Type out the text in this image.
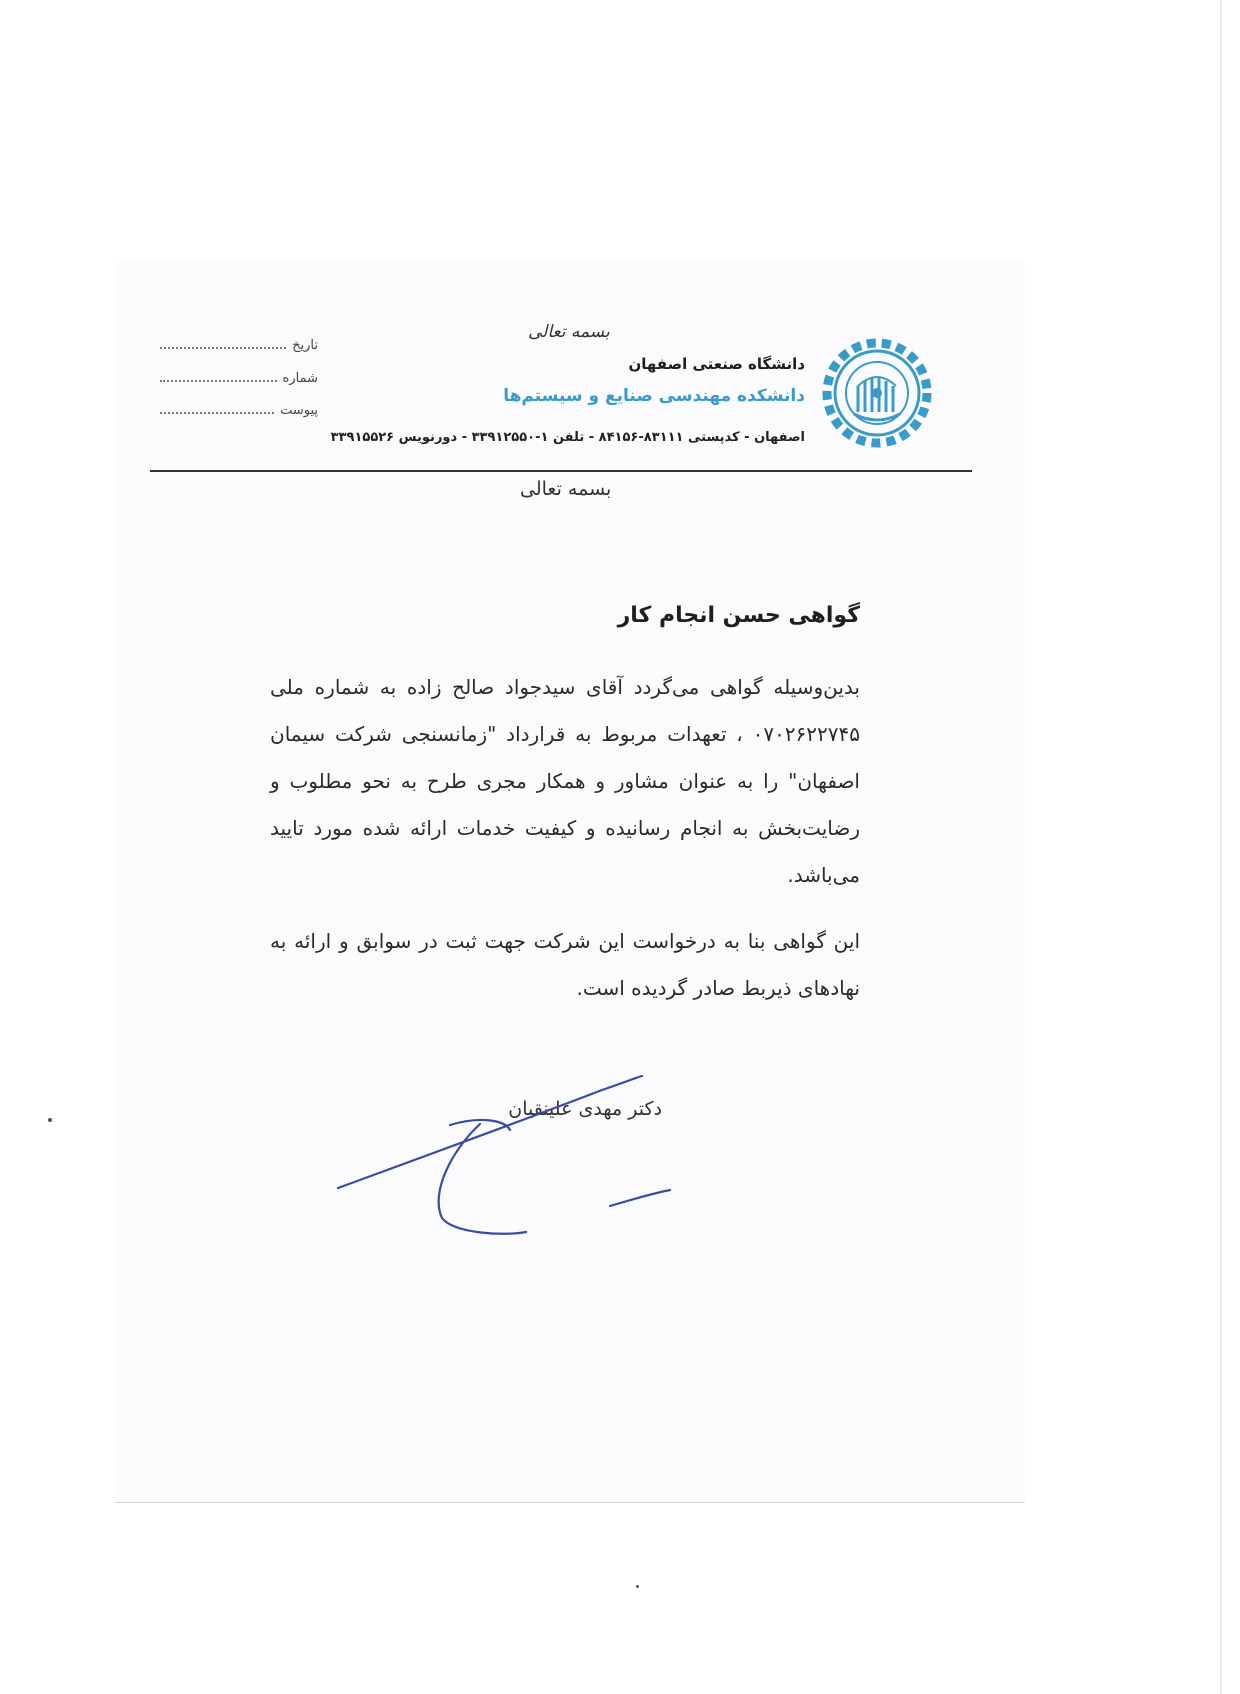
بسمه تعالی
دانشگاه صنعتی اصفهان
دانشکده مهندسی صنایع و سیستم‌ها
اصفهان - کدپستی ۸۳۱۱۱-۸۴۱۵۶ - تلفن ۱-۳۳۹۱۲۵۵۰ - دورنویس ۳۳۹۱۵۵۲۶
تاریخ
شماره
پیوست
بسمه تعالی
گواهی حسن انجام کار
بدین‌وسیله گواهی می‌گردد آقای سیدجواد صالح زاده به شماره ملی ۰۷۰۲۶۲۲۷۴۵ ، تعهدات مربوط به قرارداد "زمانسنجی شرکت سیمان اصفهان" را به عنوان مشاور و همکار مجری طرح به نحو مطلوب و رضایت‌بخش به انجام رسانیده و کیفیت خدمات ارائه شده مورد تایید می‌باشد.
این گواهی بنا به درخواست این شرکت جهت ثبت در سوابق و ارائه به نهادهای ذیربط صادر گردیده است.
دکتر مهدی علینقیان
